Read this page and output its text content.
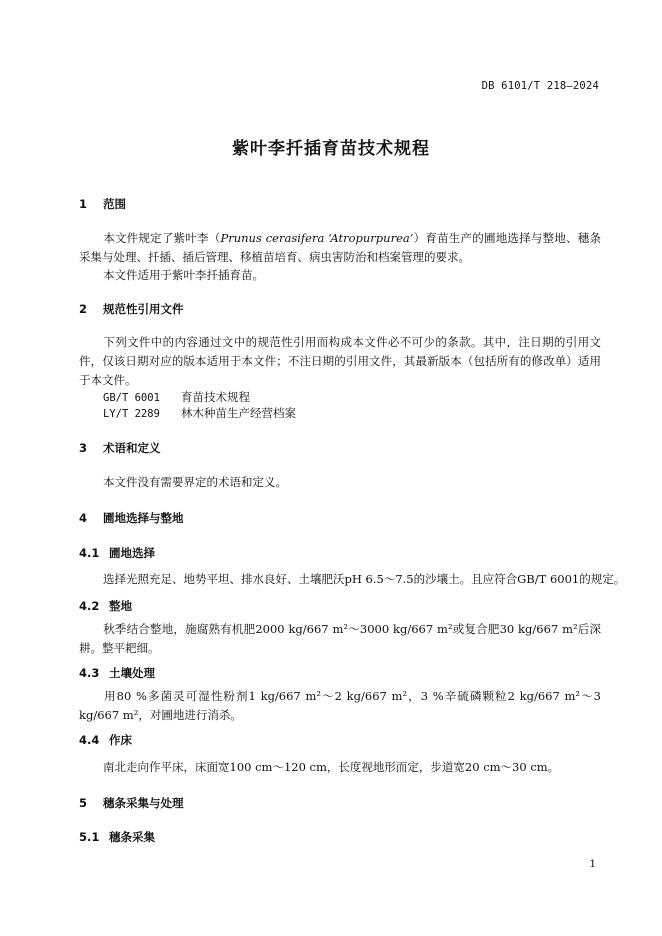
DB 6101/T 218—2024
紫叶李扦插育苗技术规程
1 范围
本文件规定了紫叶李（Prunus cerasifera ‘Atropurpurea’）育苗生产的圃地选择与整地、穗条采集与处理、扦插、插后管理、移植苗培育、病虫害防治和档案管理的要求。
本文件适用于紫叶李扦插育苗。
2 规范性引用文件
下列文件中的内容通过文中的规范性引用而构成本文件必不可少的条款。其中，注日期的引用文件，仅该日期对应的版本适用于本文件；不注日期的引用文件，其最新版本（包括所有的修改单）适用于本文件。
GB/T 6001 育苗技术规程
LY/T 2289 林木种苗生产经营档案
3 术语和定义
本文件没有需要界定的术语和定义。
4 圃地选择与整地
4.1 圃地选择
选择光照充足、地势平坦、排水良好、土壤肥沃pH 6.5～7.5的沙壤土。且应符合GB/T 6001的规定。
4.2 整地
秋季结合整地，施腐熟有机肥2000 kg/667 m²～3000 kg/667 m²或复合肥30 kg/667 m²后深耕。整平耙细。
4.3 土壤处理
用80 %多菌灵可湿性粉剂1 kg/667 m²～2 kg/667 m²，3 %辛硫磷颗粒2 kg/667 m²～3 kg/667 m²，对圃地进行消杀。
4.4 作床
南北走向作平床，床面宽100 cm～120 cm，长度视地形而定，步道宽20 cm～30 cm。
5 穗条采集与处理
5.1 穗条采集
1
